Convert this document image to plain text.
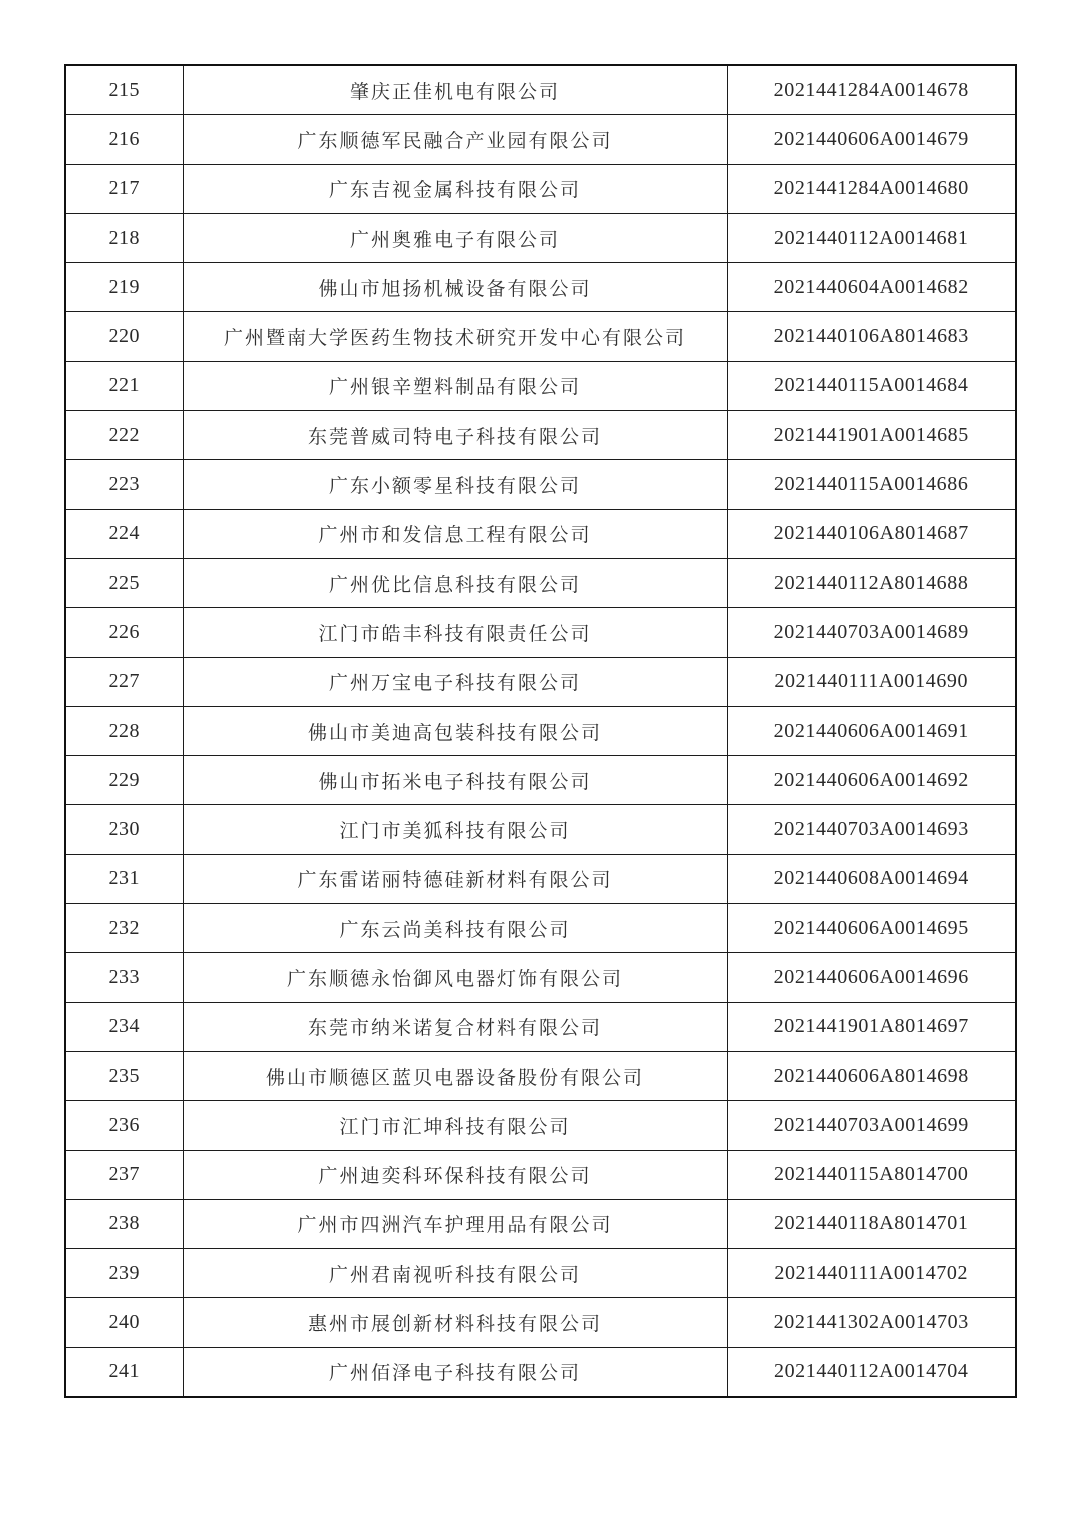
215	肇庆正佳机电有限公司	2021441284A0014678
216	广东顺德军民融合产业园有限公司	2021440606A0014679
217	广东吉视金属科技有限公司	2021441284A0014680
218	广州奥雅电子有限公司	2021440112A0014681
219	佛山市旭扬机械设备有限公司	2021440604A0014682
220	广州暨南大学医药生物技术研究开发中心有限公司	2021440106A8014683
221	广州银辛塑料制品有限公司	2021440115A0014684
222	东莞普威司特电子科技有限公司	2021441901A0014685
223	广东小额零星科技有限公司	2021440115A0014686
224	广州市和发信息工程有限公司	2021440106A8014687
225	广州优比信息科技有限公司	2021440112A8014688
226	江门市皓丰科技有限责任公司	2021440703A0014689
227	广州万宝电子科技有限公司	2021440111A0014690
228	佛山市美迪高包装科技有限公司	2021440606A0014691
229	佛山市拓米电子科技有限公司	2021440606A0014692
230	江门市美狐科技有限公司	2021440703A0014693
231	广东雷诺丽特德硅新材料有限公司	2021440608A0014694
232	广东云尚美科技有限公司	2021440606A0014695
233	广东顺德永怡御风电器灯饰有限公司	2021440606A0014696
234	东莞市纳米诺复合材料有限公司	2021441901A8014697
235	佛山市顺德区蓝贝电器设备股份有限公司	2021440606A8014698
236	江门市汇坤科技有限公司	2021440703A0014699
237	广州迪奕科环保科技有限公司	2021440115A8014700
238	广州市四洲汽车护理用品有限公司	2021440118A8014701
239	广州君南视听科技有限公司	2021440111A0014702
240	惠州市展创新材料科技有限公司	2021441302A0014703
241	广州佰泽电子科技有限公司	2021440112A0014704
